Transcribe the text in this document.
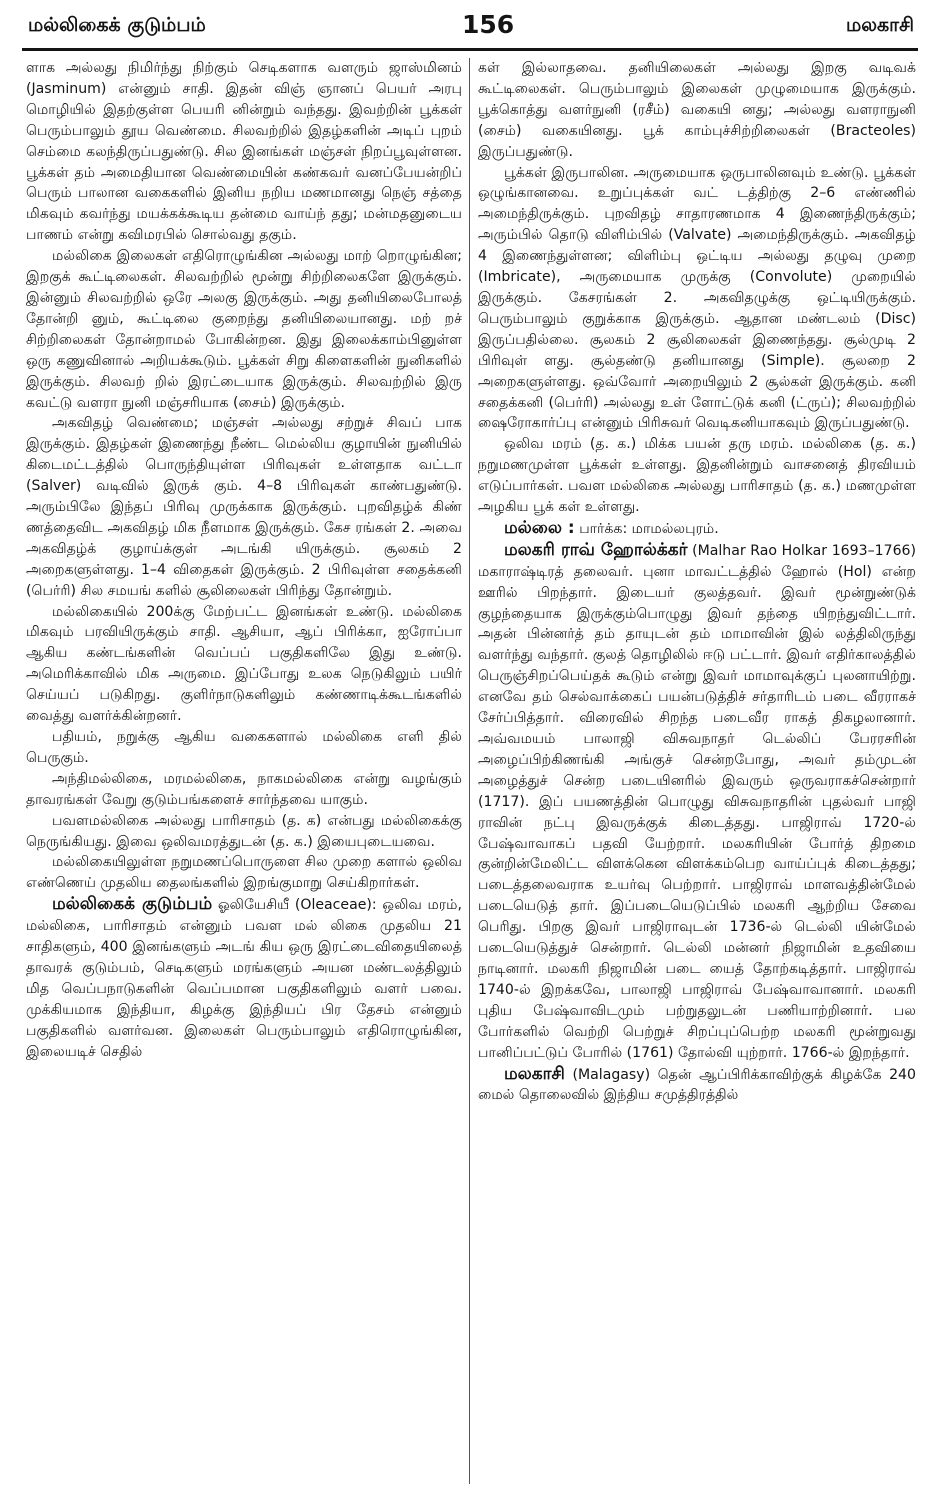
மல்லிகைக் குடும்பம்	156	மலகாசி

ளாக அல்லது நிமிர்ந்து நிற்கும் செடிகளாக வளரும் ஜாஸ்மினம் (Jasminum) என்னும் சாதி. இதன் விஞ் ஞானப் பெயர் அரபு மொழியில் இதற்குள்ள பெயரி னின்றும் வந்தது. இவற்றின் பூக்கள் பெரும்பாலும் தூய வெண்மை. சிலவற்றில் இதழ்களின் அடிப் புறம் செம்மை கலந்திருப்பதுண்டு. சில இனங்கள் மஞ்சள் நிறப்பூவுள்ளன. பூக்கள் தம் அமைதியான வெண்மையின் கண்கவர் வனப்பேயன்றிப் பெரும் பாலான வகைகளில் இனிய நறிய மணமானது நெஞ் சத்தை மிகவும் கவர்ந்து மயக்கக்கூடிய தன்மை வாய்ந் தது; மன்மதனுடைய பாணம் என்று கவிமரபில் சொல்வது தகும்.

மல்லிகை இலைகள் எதிரொழுங்கின அல்லது மாற் றொழுங்கின; இறகுக் கூட்டிலைகள். சிலவற்றில் மூன்று சிற்றிலைகளே இருக்கும். இன்னும் சிலவற்றில் ஒரே அலகு இருக்கும். அது தனியிலைபோலத் தோன்றி னும், கூட்டிலை குறைந்து தனியிலையானது. மற் றச் சிற்றிலைகள் தோன்றாமல் போகின்றன. இது இலைக்காம்பினுள்ள ஒரு கணுவினால் அறியக்கூடும். பூக்கள் சிறு கிளைகளின் நுனிகளில் இருக்கும். சிலவற் றில் இரட்டையாக இருக்கும். சிலவற்றில் இரு கவட்டு வளரா நுனி மஞ்சரியாக (சைம்) இருக்கும்.

அகவிதழ் வெண்மை; மஞ்சள் அல்லது சற்றுச் சிவப் பாக இருக்கும். இதழ்கள் இணைந்து நீண்ட மெல்லிய குழாயின் நுனியில் கிடைமட்டத்தில் பொருந்தியுள்ள பிரிவுகள் உள்ளதாக வட்டா (Salver) வடிவில் இருக் கும். 4–8 பிரிவுகள் காண்பதுண்டு. அரும்பிலே இந்தப் பிரிவு முருக்காக இருக்கும். புறவிதழ்க் கிண் ணத்தைவிட அகவிதழ் மிக நீளமாக இருக்கும். கேச ரங்கள் 2. அவை அகவிதழ்க் குழாய்க்குள் அடங்கி யிருக்கும். சூலகம் 2 அறைகளுள்ளது. 1–4 விதைகள் இருக்கும். 2 பிரிவுள்ள சதைக்கனி (பெர்ரி) சில சமயங் களில் சூலிலைகள் பிரிந்து தோன்றும்.

மல்லிகையில் 200க்கு மேற்பட்ட இனங்கள் உண்டு. மல்லிகை மிகவும் பரவியிருக்கும் சாதி. ஆசியா, ஆப் பிரிக்கா, ஐரோப்பா ஆகிய கண்டங்களின் வெப்பப் பகுதிகளிலே இது உண்டு. அமெரிக்காவில் மிக அருமை. இப்போது உலக நெடுகிலும் பயிர் செய்யப் படுகிறது. குளிர்நாடுகளிலும் கண்ணாடிக்கூடங்களில் வைத்து வளர்க்கின்றனர்.

பதியம், நறுக்கு ஆகிய வகைகளால் மல்லிகை எளி தில் பெருகும்.

அந்திமல்லிகை, மரமல்லிகை, நாகமல்லிகை என்று வழங்கும் தாவரங்கள் வேறு குடும்பங்களைச் சார்ந்தவை யாகும்.

பவளமல்லிகை அல்லது பாரிசாதம் (த. க) என்பது மல்லிகைக்கு நெருங்கியது. இவை ஒலிவமரத்துடன் (த. க.) இயைபுடையவை.

மல்லிகையிலுள்ள நறுமணப்பொருளை சில முறை களால் ஒலிவ எண்ணெய் முதலிய தைலங்களில் இறங்குமாறு செய்கிறார்கள்.

மல்லிகைக் குடும்பம் ஓலியேசியீ (Oleaceae): ஒலிவ மரம், மல்லிகை, பாரிசாதம் என்னும் பவள மல் லிகை முதலிய 21 சாதிகளும், 400 இனங்களும் அடங் கிய ஒரு இரட்டைவிதையிலைத் தாவரக் குடும்பம், செடிகளும் மரங்களும் அயன மண்டலத்திலும் மித வெப்பநாடுகளின் வெப்பமான பகுதிகளிலும் வளர் பவை. முக்கியமாக இந்தியா, கிழக்கு இந்தியப் பிர தேசம் என்னும் பகுதிகளில் வளர்வன. இலைகள் பெரும்பாலும் எதிரொழுங்கின, இலையடிச் செதில்

கள் இல்லாதவை. தனியிலைகள் அல்லது இறகு வடிவக் கூட்டிலைகள். பெரும்பாலும் இலைகள் முழுமையாக இருக்கும். பூக்கொத்து வளர்நுனி (ரசீம்) வகையி னது; அல்லது வளராநுனி (சைம்) வகையினது. பூக் காம்புச்சிற்றிலைகள் (Bracteoles) இருப்பதுண்டு.

பூக்கள் இருபாலின. அருமையாக ஒருபாலினவும் உண்டு. பூக்கள் ஒழுங்கானவை. உறுப்புக்கள் வட் டத்திற்கு 2–6 எண்ணில் அமைந்திருக்கும். புறவிதழ் சாதாரணமாக 4 இணைந்திருக்கும்; அரும்பில் தொடு விளிம்பில் (Valvate) அமைந்திருக்கும். அகவிதழ் 4 இணைந்துள்ளன; விளிம்பு ஒட்டிய அல்லது தழுவு முறை (Imbricate), அருமையாக முருக்கு (Convolute) முறையில் இருக்கும். கேசரங்கள் 2. அகவிதழுக்கு ஒட்டியிருக்கும். பெரும்பாலும் குறுக்காக இருக்கும். ஆதான மண்டலம் (Disc) இருப்பதில்லை. சூலகம் 2 சூலிலைகள் இணைந்தது. சூல்முடி 2 பிரிவுள் ளது. சூல்தண்டு தனியானது (Simple). சூலறை 2 அறைகளுள்ளது. ஒவ்வோர் அறையிலும் 2 சூல்கள் இருக்கும். கனி சதைக்கனி (பெர்ரி) அல்லது உள் ளோட்டுக் கனி (ட்ருப்); சிலவற்றில் ஷைரோகார்ப்பு என்னும் பிரிசுவர் வெடிகனியாகவும் இருப்பதுண்டு.

ஒலிவ மரம் (த. க.) மிக்க பயன் தரு மரம். மல்லிகை (த. க.) நறுமணமுள்ள பூக்கள் உள்ளது. இதனின்றும் வாசனைத் திரவியம் எடுப்பார்கள். பவள மல்லிகை அல்லது பாரிசாதம் (த. க.) மணமுள்ள அழகிய பூக் கள் உள்ளது.

மல்லை : பார்க்க: மாமல்லபுரம்.

மலகரி ராவ் ஹோல்க்கர் (Malhar Rao Holkar 1693–1766) மகாராஷ்டிரத் தலைவர். புனா மாவட்டத்தில் ஹோல் (Hol) என்ற ஊரில் பிறந்தார். இடையர் குலத்தவர். இவர் மூன்றுண்டுக் குழந்தையாக இருக்கும்பொழுது இவர் தந்தை யிறந்துவிட்டார். அதன் பின்னர்த் தம் தாயுடன் தம் மாமாவின் இல் லத்திலிருந்து வளர்ந்து வந்தார். குலத் தொழிலில் ஈடு பட்டார். இவர் எதிர்காலத்தில் பெருஞ்சிறப்பெய்தக் கூடும் என்று இவர் மாமாவுக்குப் புலனாயிற்று. எனவே தம் செல்வாக்கைப் பயன்படுத்திச் சர்தாரிடம் படை வீரராகச் சேர்ப்பித்தார். விரைவில் சிறந்த படைவீர ராகத் திகழலானார். அவ்வமயம் பாலாஜி விசுவநாதர் டெல்லிப் பேரரசரின் அழைப்பிற்கிணங்கி அங்குச் சென்றபோது, அவர் தம்முடன் அழைத்துச் சென்ற படையினரில் இவரும் ஒருவராகச்சென்றார் (1717). இப் பயணத்தின் பொழுது விசுவநாதரின் புதல்வர் பாஜி ராவின் நட்பு இவருக்குக் கிடைத்தது. பாஜிராவ் 1720-ல் பேஷ்வாவாகப் பதவி யேற்றார். மலகரியின் போர்த் திறமை குன்றின்மேலிட்ட விளக்கென விளக்கம்பெற வாய்ப்புக் கிடைத்தது; படைத்தலைவராக உயர்வு பெற்றார். பாஜிராவ் மாளவத்தின்மேல் படையெடுத் தார். இப்படையெடுப்பில் மலகரி ஆற்றிய சேவை பெரிது. பிறகு இவர் பாஜிராவுடன் 1736-ல் டெல்லி யின்மேல் படையெடுத்துச் சென்றார். டெல்லி மன்னர் நிஜாமின் உதவியை நாடினார். மலகரி நிஜாமின் படை யைத் தோற்கடித்தார். பாஜிராவ் 1740-ல் இறக்கவே, பாலாஜி பாஜிராவ் பேஷ்வாவானார். மலகரி புதிய பேஷ்வாவிடமும் பற்றுதலுடன் பணியாற்றினார். பல போர்களில் வெற்றி பெற்றுச் சிறப்புப்பெற்ற மலகரி மூன்றுவது பானிப்பட்டுப் போரில் (1761) தோல்வி யுற்றார். 1766-ல் இறந்தார்.

மலகாசி (Malagasy) தென் ஆப்பிரிக்காவிற்குக் கிழக்கே 240 மைல் தொலைவில் இந்திய சமுத்திரத்தில்
